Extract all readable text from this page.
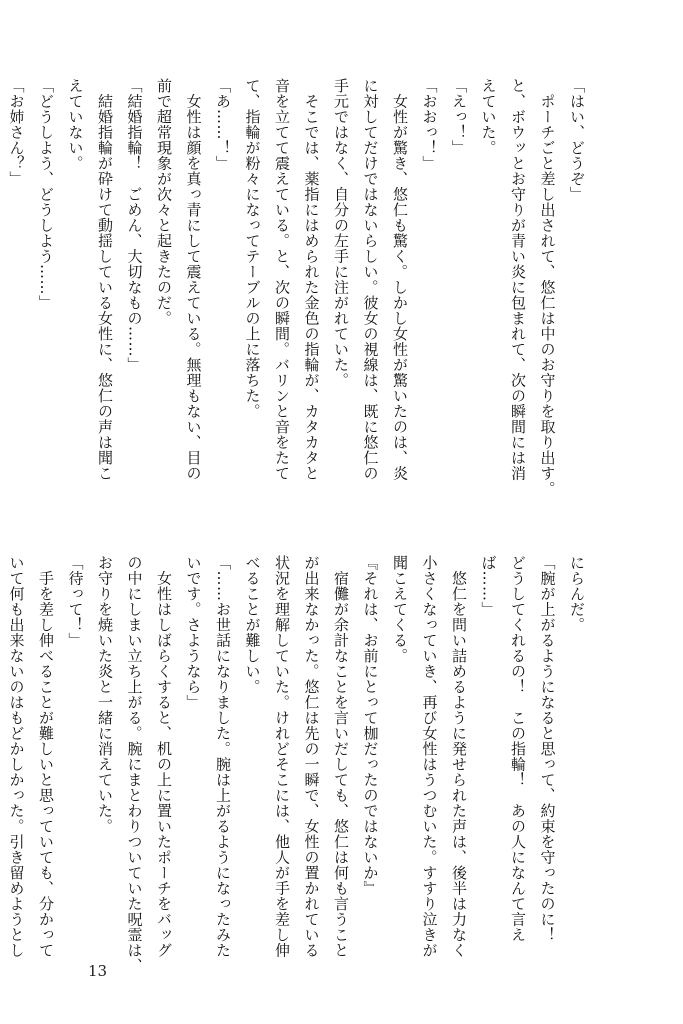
「はい、どうぞ」

　ポーチごと差し出されて、悠仁は中のお守りを取り出す。

と、ボウッとお守りが青い炎に包まれて、次の瞬間には消

えていた。

「えっ！」

「おおっ！」

　女性が驚き、悠仁も驚く。しかし女性が驚いたのは、炎

に対してだけではないらしい。彼女の視線は、既に悠仁の

手元ではなく、自分の左手に注がれていた。

　そこでは、薬指にはめられた金色の指輪が、カタカタと

音を立てて震えている。と、次の瞬間。バリンと音をたて

て、指輪が粉々になってテーブルの上に落ちた。

「あ……！」

　女性は顔を真っ青にして震えている。無理もない、目の

前で超常現象が次々と起きたのだ。

「結婚指輪！　ごめん、大切なもの……」

　結婚指輪が砕けて動揺している女性に、悠仁の声は聞こ

えていない。

「どうしよう、どうしよう……」

「お姉さん？」

にらんだ。

「腕が上がるようになると思って、約束を守ったのに！

どうしてくれるの！　この指輪！　あの人になんて言え

ば……」

　悠仁を問い詰めるように発せられた声は、後半は力なく

小さくなっていき、再び女性はうつむいた。すすり泣きが

聞こえてくる。

『それは、お前にとって枷だったのではないか』

　宿儺が余計なことを言いだしても、悠仁は何も言うこと

が出来なかった。悠仁は先の一瞬で、女性の置かれている

状況を理解していた。けれどそこには、他人が手を差し伸

べることが難しい。

「……お世話になりました。腕は上がるようになったみた

いです。さようなら」

　女性はしばらくすると、机の上に置いたポーチをバッグ

の中にしまい立ち上がる。腕にまとわりついていた呪霊は、

お守りを焼いた炎と一緒に消えていた。

「待って！」

　手を差し伸べることが難しいと思っていても、分かって

いて何も出来ないのはもどかしかった。引き留めようとし

13
